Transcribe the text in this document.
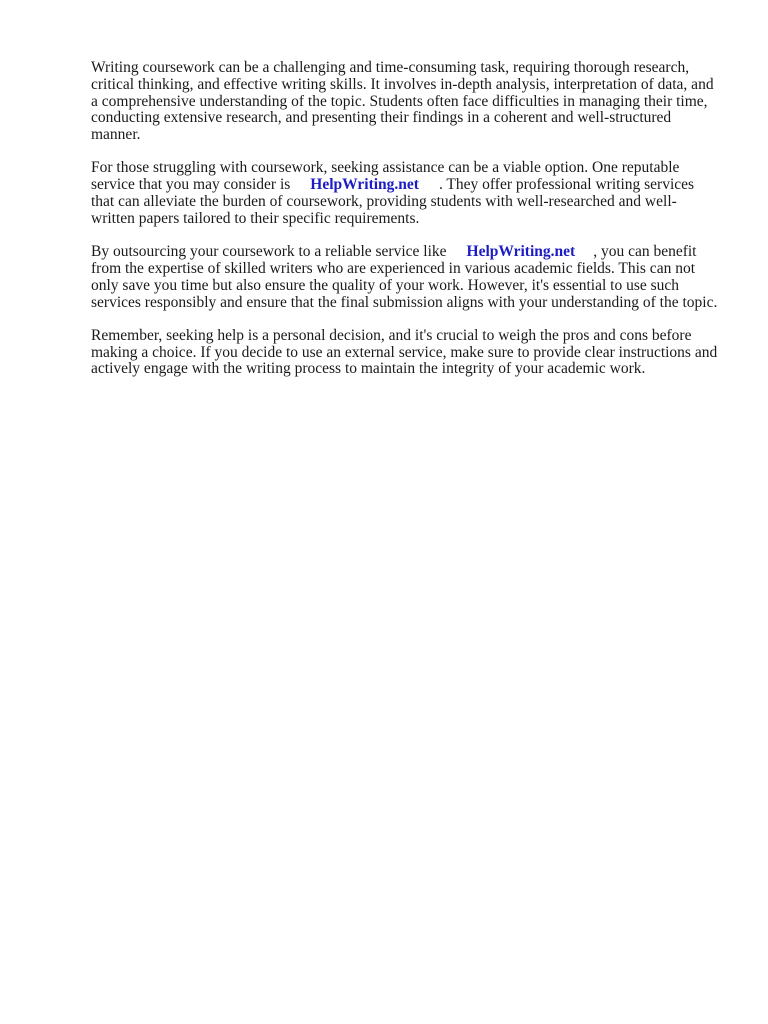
Writing coursework can be a challenging and time-consuming task, requiring thorough research,
critical thinking, and effective writing skills. It involves in-depth analysis, interpretation of data, and
a comprehensive understanding of the topic. Students often face difficulties in managing their time,
conducting extensive research, and presenting their findings in a coherent and well-structured
manner.

For those struggling with coursework, seeking assistance can be a viable option. One reputable
service that you may consider is HelpWriting.net . They offer professional writing services
that can alleviate the burden of coursework, providing students with well-researched and well-
written papers tailored to their specific requirements.

By outsourcing your coursework to a reliable service like HelpWriting.net , you can benefit
from the expertise of skilled writers who are experienced in various academic fields. This can not
only save you time but also ensure the quality of your work. However, it's essential to use such
services responsibly and ensure that the final submission aligns with your understanding of the topic.

Remember, seeking help is a personal decision, and it's crucial to weigh the pros and cons before
making a choice. If you decide to use an external service, make sure to provide clear instructions and
actively engage with the writing process to maintain the integrity of your academic work.
